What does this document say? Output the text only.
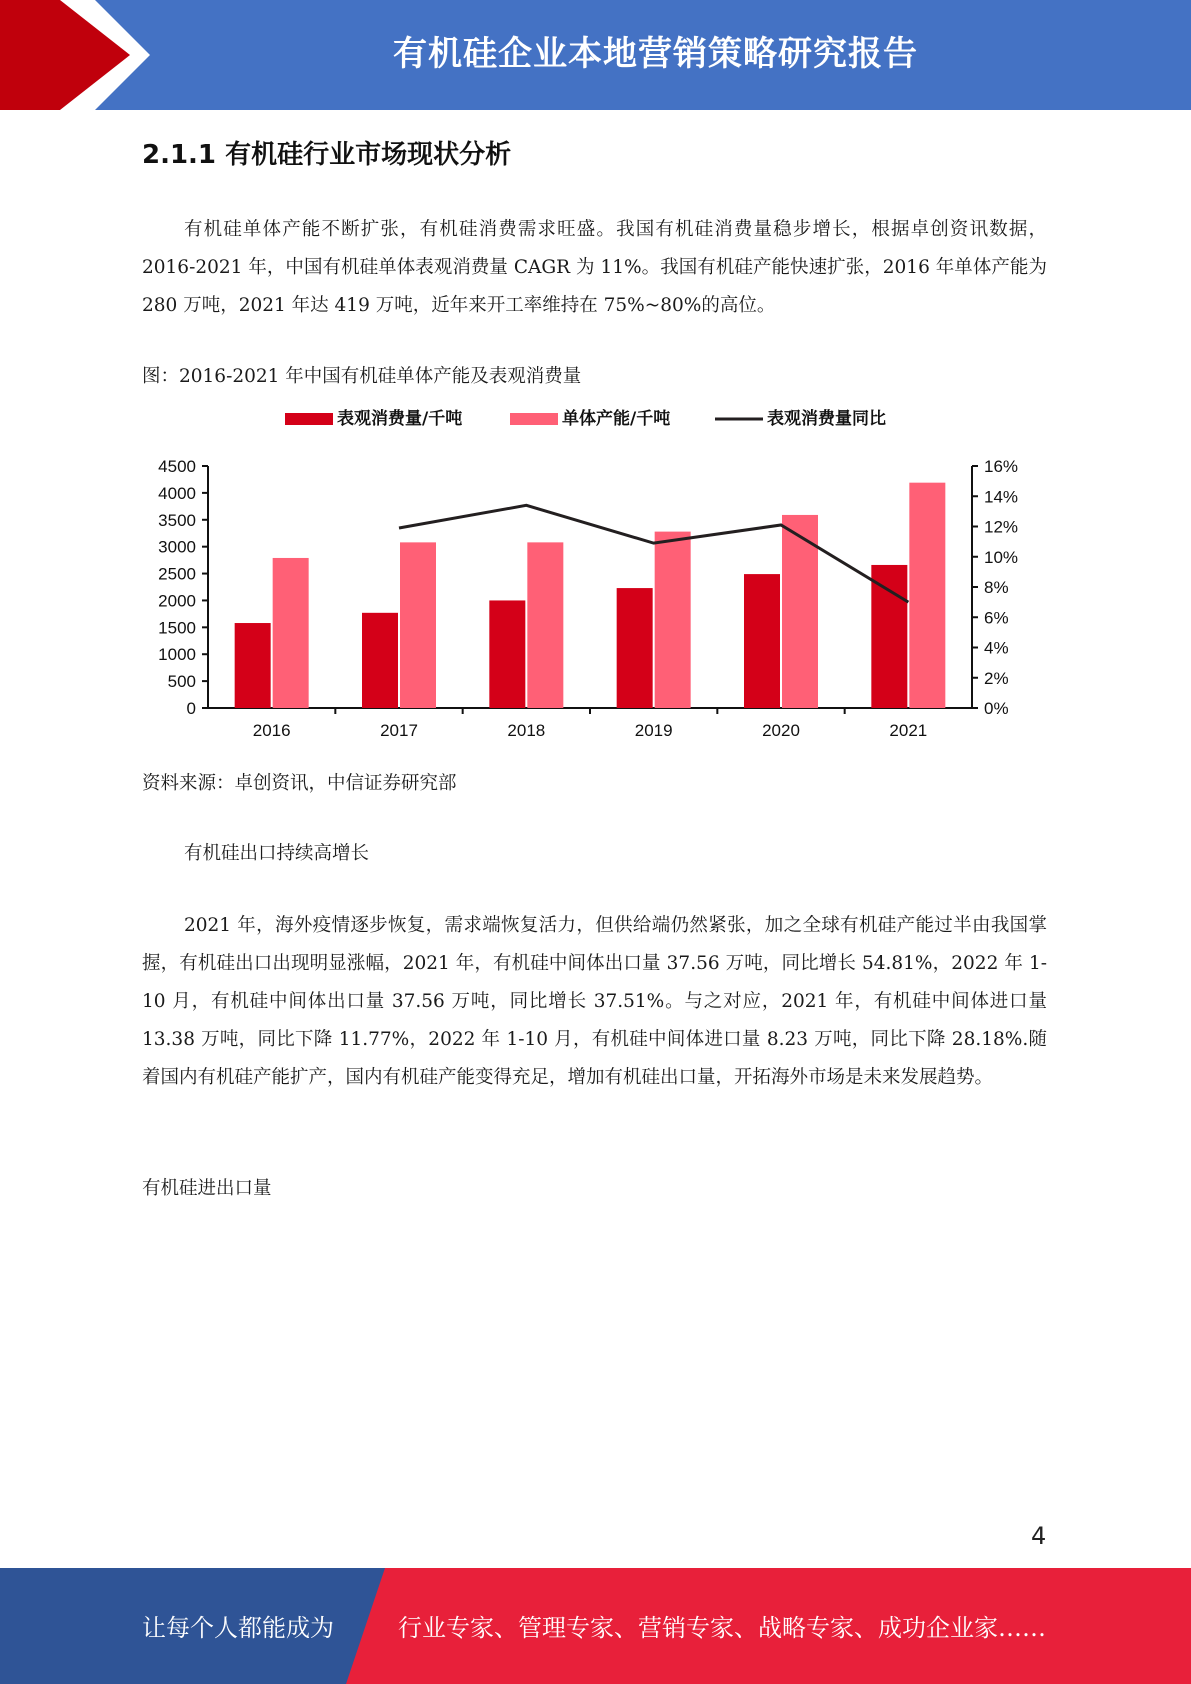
有机硅企业本地营销策略研究报告
2.1.1 有机硅行业市场现状分析

有机硅单体产能不断扩张，有机硅消费需求旺盛。我国有机硅消费量稳步增长，根据卓创资讯数据，2016-2021 年，中国有机硅单体表观消费量 CAGR 为 11%。我国有机硅产能快速扩张，2016 年单体产能为 280 万吨，2021 年达 419 万吨，近年来开工率维持在 75%~80%的高位。

图：2016-2021 年中国有机硅单体产能及表观消费量

0
500
1000
1500
2000
2500
3000
3500
4000
4500
0%
2%
4%
6%
8%
10%
12%
14%
16%
2016	2017	2018	2019	2020	2021
表观消费量/千吨	单体产能/千吨	表观消费量同比

资料来源：卓创资讯，中信证券研究部

有机硅出口持续高增长

2021 年，海外疫情逐步恢复，需求端恢复活力，但供给端仍然紧张，加之全球有机硅产能过半由我国掌握，有机硅出口出现明显涨幅，2021 年，有机硅中间体出口量 37.56 万吨，同比增长 54.81%，2022 年 1-10 月，有机硅中间体出口量 37.56 万吨，同比增长 37.51%。与之对应，2021 年，有机硅中间体进口量 13.38 万吨，同比下降 11.77%，2022 年 1-10 月，有机硅中间体进口量 8.23 万吨，同比下降 28.18%.随着国内有机硅产能扩产，国内有机硅产能变得充足，增加有机硅出口量，开拓海外市场是未来发展趋势。

有机硅进出口量

4
让每个人都能成为	行业专家、管理专家、营销专家、战略专家、成功企业家……
